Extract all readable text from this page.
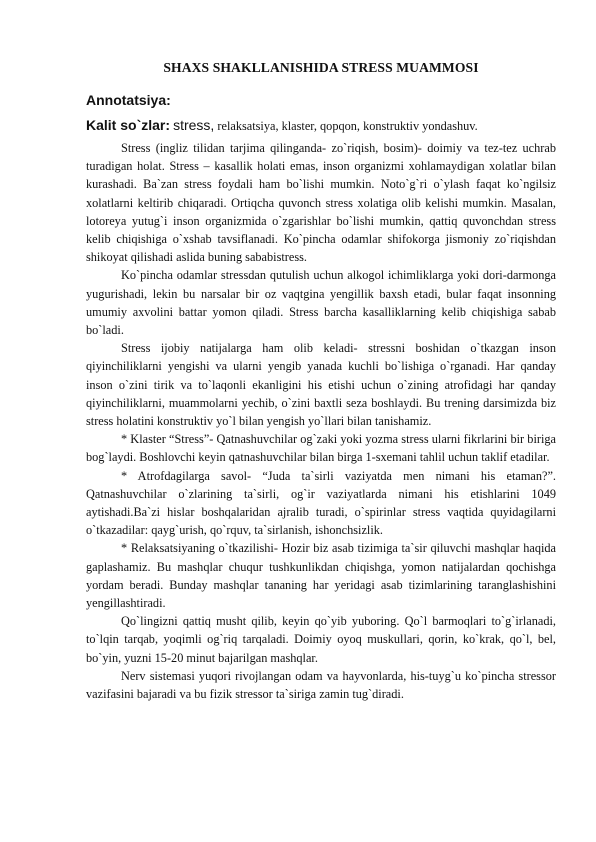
SHAXS SHAKLLANISHIDA STRESS MUAMMOSI
Annotatsiya:
Kalit so`zlar: stress, relaksatsiya, klaster, qopqon, konstruktiv yondashuv.

Stress (ingliz tilidan tarjima qilinganda- zo`riqish, bosim)- doimiy va tez-tez uchrab turadigan holat. Stress – kasallik holati emas, inson organizmi xohlamaydigan xolatlar bilan kurashadi. Ba`zan stress foydali ham bo`lishi mumkin. Noto`g`ri o`ylash faqat ko`ngilsiz xolatlarni keltirib chiqaradi. Ortiqcha quvonch stress xolatiga olib kelishi mumkin. Masalan, lotoreya yutug`i inson organizmida o`zgarishlar bo`lishi mumkin, qattiq quvonchdan stress kelib chiqishiga o`xshab tavsiflanadi. Ko`pincha odamlar shifokorga jismoniy zo`riqishdan shikoyat qilishadi aslida buning sababistress.

Ko`pincha odamlar stressdan qutulish uchun alkogol ichimliklarga yoki dori-darmonga yugurishadi, lekin bu narsalar bir oz vaqtgina yengillik baxsh etadi, bular faqat insonning umumiy axvolini battar yomon qiladi. Stress barcha kasalliklarning kelib chiqishiga sabab bo`ladi.

Stress ijobiy natijalarga ham olib keladi- stressni boshidan o`tkazgan inson qiyinchiliklarni yengishi va ularni yengib yanada kuchli bo`lishiga o`rganadi. Har qanday inson o`zini tirik va to`laqonli ekanligini his etishi uchun o`zining atrofidagi har qanday qiyinchiliklarni, muammolarni yechib, o`zini baxtli seza boshlaydi. Bu trening darsimizda biz stress holatini konstruktiv yo`l bilan yengish yo`llari bilan tanishamiz.

* Klaster “Stress”- Qatnashuvchilar og`zaki yoki yozma stress ularni fikrlarini bir biriga bog`laydi. Boshlovchi keyin qatnashuvchilar bilan birga 1-sxemani tahlil uchun taklif etadilar.

* Atrofdagilarga savol- “Juda ta`sirli vaziyatda men nimani his etaman?”. Qatnashuvchilar o`zlarining ta`sirli, og`ir vaziyatlarda nimani his etishlarini 1049 aytishadi.Ba`zi hislar boshqalaridan ajralib turadi, o`spirinlar stress vaqtida quyidagilarni o`tkazadilar: qayg`urish, qo`rquv, ta`sirlanish, ishonchsizlik.

* Relaksatsiyaning o`tkazilishi- Hozir biz asab tizimiga ta`sir qiluvchi mashqlar haqida gaplashamiz. Bu mashqlar chuqur tushkunlikdan chiqishga, yomon natijalardan qochishga yordam beradi. Bunday mashqlar tananing har yeridagi asab tizimlarining taranglashishini yengillashtiradi.

Qo`lingizni qattiq musht qilib, keyin qo`yib yuboring. Qo`l barmoqlari to`g`irlanadi, to`lqin tarqab, yoqimli og`riq tarqaladi. Doimiy oyoq muskullari, qorin, ko`krak, qo`l, bel, bo`yin, yuzni 15-20 minut bajarilgan mashqlar.

Nerv sistemasi yuqori rivojlangan odam va hayvonlarda, his-tuyg`u ko`pincha stressor vazifasini bajaradi va bu fizik stressor ta`siriga zamin tug`diradi.
